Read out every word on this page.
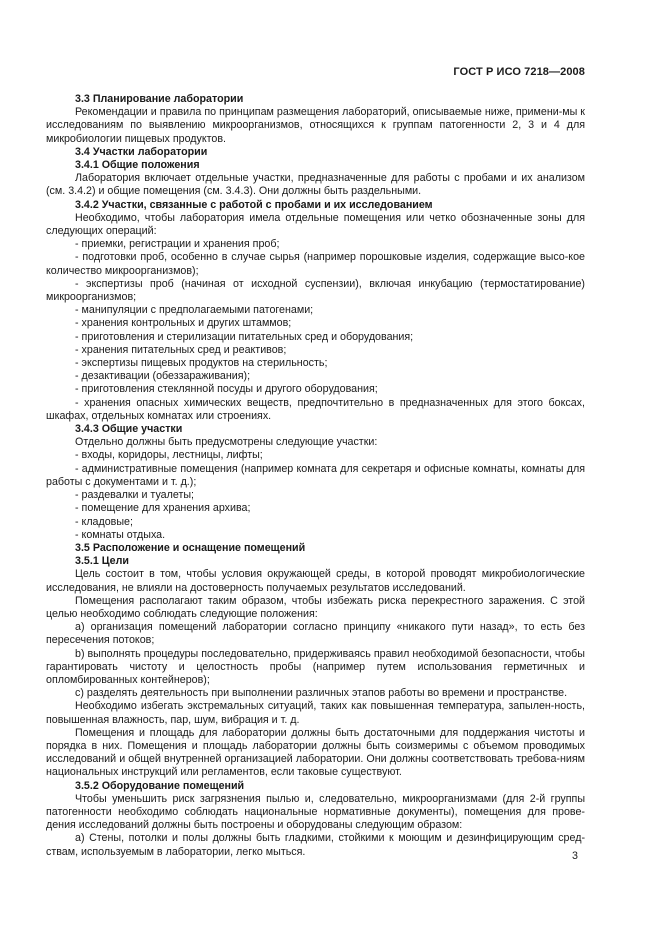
ГОСТ Р ИСО 7218—2008

3.3 Планирование лаборатории

Рекомендации и правила по принципам размещения лабораторий, описываемые ниже, примени-мы к исследованиям по выявлению микроорганизмов, относящихся к группам патогенности 2, 3 и 4 для микробиологии пищевых продуктов.

3.4 Участки лаборатории

3.4.1 Общие положения

Лаборатория включает отдельные участки, предназначенные для работы с пробами и их анализом (см. 3.4.2) и общие помещения (см. 3.4.3). Они должны быть раздельными.

3.4.2 Участки, связанные с работой с пробами и их исследованием

Необходимо, чтобы лаборатория имела отдельные помещения или четко обозначенные зоны для следующих операций:

- приемки, регистрации и хранения проб;

- подготовки проб, особенно в случае сырья (например порошковые изделия, содержащие высо-кое количество микроорганизмов);

- экспертизы проб (начиная от исходной суспензии), включая инкубацию (термостатирование) микроорганизмов;

- манипуляции с предполагаемыми патогенами;

- хранения контрольных и других штаммов;

- приготовления и стерилизации питательных сред и оборудования;

- хранения питательных сред и реактивов;

- экспертизы пищевых продуктов на стерильность;

- дезактивации (обеззараживания);

- приготовления стеклянной посуды и другого оборудования;

- хранения опасных химических веществ, предпочтительно в предназначенных для этого боксах, шкафах, отдельных комнатах или строениях.

3.4.3 Общие участки

Отдельно должны быть предусмотрены следующие участки:

- входы, коридоры, лестницы, лифты;

- административные помещения (например комната для секретаря и офисные комнаты, комнаты для работы с документами и т. д.);

- раздевалки и туалеты;

- помещение для хранения архива;

- кладовые;

- комнаты отдыха.

3.5 Расположение и оснащение помещений

3.5.1 Цели

Цель состоит в том, чтобы условия окружающей среды, в которой проводят микробиологические исследования, не влияли на достоверность получаемых результатов исследований.

Помещения располагают таким образом, чтобы избежать риска перекрестного заражения. С этой целью необходимо соблюдать следующие положения:

а) организация помещений лаборатории согласно принципу «никакого пути назад», то есть без пересечения потоков;

b) выполнять процедуры последовательно, придерживаясь правил необходимой безопасности, чтобы гарантировать чистоту и целостность пробы (например путем использования герметичных и опломбированных контейнеров);

с) разделять деятельность при выполнении различных этапов работы во времени и пространстве.

Необходимо избегать экстремальных ситуаций, таких как повышенная температура, запылен-ность, повышенная влажность, пар, шум, вибрация и т. д.

Помещения и площадь для лаборатории должны быть достаточными для поддержания чистоты и порядка в них. Помещения и площадь лаборатории должны быть соизмеримы с объемом проводимых исследований и общей внутренней организацией лаборатории. Они должны соответствовать требова-ниям национальных инструкций или регламентов, если таковые существуют.

3.5.2 Оборудование помещений

Чтобы уменьшить риск загрязнения пылью и, следовательно, микроорганизмами (для 2-й группы патогенности необходимо соблюдать национальные нормативные документы), помещения для прове-дения исследований должны быть построены и оборудованы следующим образом:

а) Стены, потолки и полы должны быть гладкими, стойкими к моющим и дезинфицирующим сред-ствам, используемым в лаборатории, легко мыться.	3
